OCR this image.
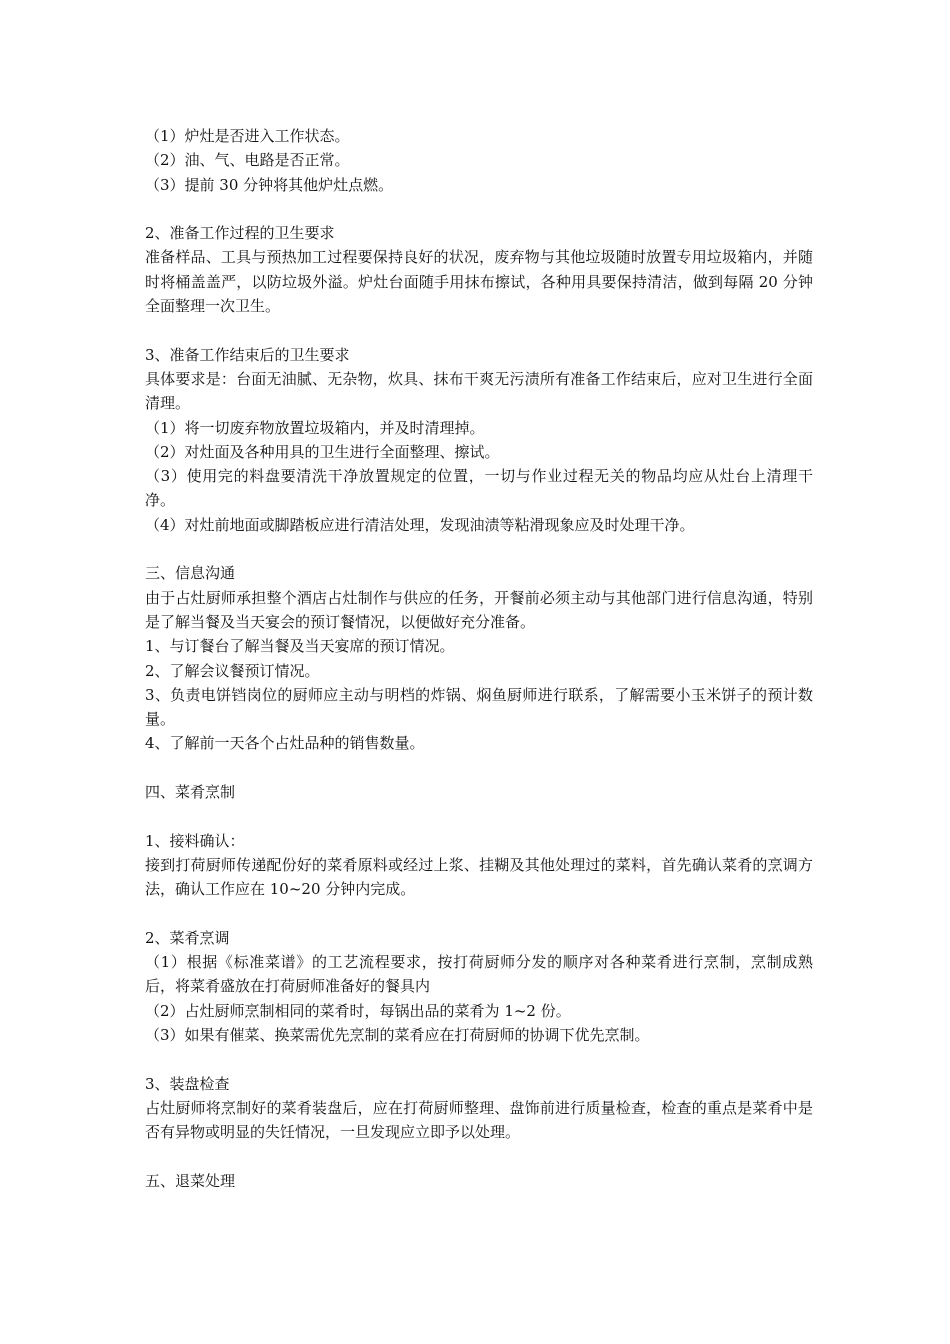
（1）炉灶是否进入工作状态。
（2）油、气、电路是否正常。
（3）提前 30 分钟将其他炉灶点燃。
2、准备工作过程的卫生要求
准备样品、工具与预热加工过程要保持良好的状况，废弃物与其他垃圾随时放置专用垃圾箱内，并随时将桶盖盖严，以防垃圾外溢。炉灶台面随手用抹布擦试，各种用具要保持清洁，做到每隔 20 分钟全面整理一次卫生。
3、准备工作结束后的卫生要求
具体要求是：台面无油腻、无杂物，炊具、抹布干爽无污渍所有准备工作结束后，应对卫生进行全面清理。
（1）将一切废弃物放置垃圾箱内，并及时清理掉。
（2）对灶面及各种用具的卫生进行全面整理、擦试。
（3）使用完的料盘要清洗干净放置规定的位置，一切与作业过程无关的物品均应从灶台上清理干净。
（4）对灶前地面或脚踏板应进行清洁处理，发现油渍等粘滑现象应及时处理干净。
三、信息沟通
由于占灶厨师承担整个酒店占灶制作与供应的任务，开餐前必须主动与其他部门进行信息沟通，特别是了解当餐及当天宴会的预订餐情况，以便做好充分准备。
1、与订餐台了解当餐及当天宴席的预订情况。
2、了解会议餐预订情况。
3、负责电饼铛岗位的厨师应主动与明档的炸锅、焖鱼厨师进行联系，了解需要小玉米饼子的预计数量。
4、了解前一天各个占灶品种的销售数量。
四、菜肴烹制
1、接料确认：
接到打荷厨师传递配份好的菜肴原料或经过上浆、挂糊及其他处理过的菜料，首先确认菜肴的烹调方法，确认工作应在 10~20 分钟内完成。
2、菜肴烹调
（1）根据《标准菜谱》的工艺流程要求，按打荷厨师分发的顺序对各种菜肴进行烹制，烹制成熟后，将菜肴盛放在打荷厨师准备好的餐具内
（2）占灶厨师烹制相同的菜肴时，每锅出品的菜肴为 1~2 份。
（3）如果有催菜、换菜需优先烹制的菜肴应在打荷厨师的协调下优先烹制。
3、装盘检查
占灶厨师将烹制好的菜肴装盘后，应在打荷厨师整理、盘饰前进行质量检查，检查的重点是菜肴中是否有异物或明显的失饪情况，一旦发现应立即予以处理。
五、退菜处理
